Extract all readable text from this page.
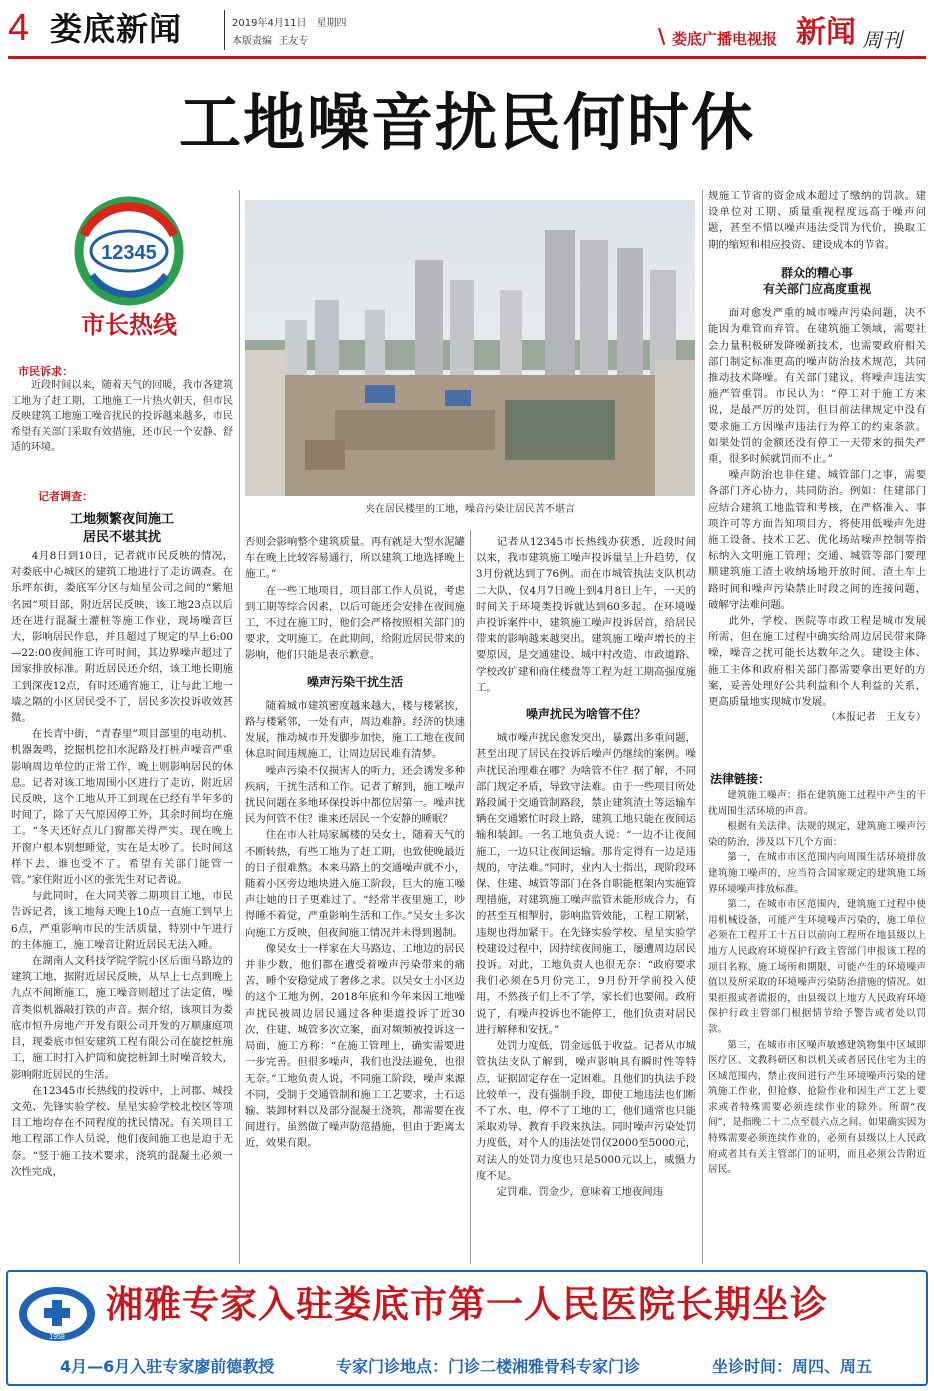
4 娄底新闻	2019年4月11日　星期四
本版责编  王友专	\ 娄底广播电视报 新闻 周刊
工地噪音扰民何时休
12345
市长热线
市民诉求：
近段时间以来，随着天气的回暖，我市各建筑工地为了赶工期，工地施工一片热火朝天，但市民反映建筑工地施工噪音扰民的投诉越来越多，市民希望有关部门采取有效措施，还市民一个安静、舒适的环境。
记者调查：
工地频繁夜间施工
居民不堪其扰

4月8日到10日，记者就市民反映的情况，对娄底中心城区的建筑工地进行了走访调查。在乐坪东街，娄底军分区与灿星公司之间的“紫旭名园”项目部，附近居民反映，该工地23点以后还在进行混凝土灌桩等施工作业，现场噪音巨大，影响居民作息，并且超过了规定的早上6:00—22:00夜间施工许可时间，其边界噪声超过了国家排放标准。附近居民还介绍，该工地长期施工到深夜12点，有时还通宵施工，让与此工地一墙之隔的小区居民受不了，居民多次投诉收效甚微。

在长青中街，“青春里”项目部里的电动机、机器轰鸣，挖掘机挖扣水泥路及打桩声噪音严重影响周边单位的正常工作，晚上则影响居民的休息。记者对该工地周围小区进行了走访，附近居民反映，这个工地从开工到现在已经有半年多的时间了，除了天气原因停工外，其余时间均在施工。“冬天还好点儿门窗都关得严实。现在晚上开窗户根本别想睡觉，实在是太吵了。长时间这样下去，谁也受不了。希望有关部门能管一管。”家住附近小区的张先生对记者说。

与此同时，在大同芙蓉二期项目工地，市民告诉记者，该工地每天晚上10点一直施工到早上6点，严重影响市民的生活质量，特别中午进行的主体施工，施工噪音让附近居民无法入睡。

在湖南人文科技学院学院小区后面马路边的建筑工地，据附近居民反映，从早上七点到晚上九点不间断施工，施工噪音则超过了法定值，噪音类似机器敲打铁的声音。据介绍，该项目为娄底市恒升房地产开发有限公司开发的万顺康庭项目，现娄底市恒安建筑工程有限公司在旋挖桩施工，施工时打入护筒和旋挖桩卸土时噪音较大，影响附近居民的生活。

在12345市长热线的投诉中，上河郡、城投文苑、先锋实验学校、星星实验学校北校区等项目工地均存在不同程度的扰民情况。有关项目工地工程部工作人员说，他们夜间施工也是迫于无奈。“竖于施工技术要求，浇筑的混凝土必须一次性完成，

夹在居民楼里的工地，噪音污染让居民苦不堪言

否则会影响整个建筑质量。再有就是大型水泥罐车在晚上比较容易通行，所以建筑工地选择晚上施工。”

在一些工地项目，项目部工作人员说，考虑到工期等综合因素，以后可能还会安排在夜间施工，不过在施工时，他们会严格按照相关部门的要求，文明施工。在此期间，给附近居民带来的影响，他们只能是表示歉意。

噪声污染干扰生活

随着城市建筑密度越来越大，楼与楼紧挨，路与楼紧邻，一处有声，周边难静。经济的快速发展，推动城市开发脚步加快，施工工地在夜间休息时间违规施工，让周边居民难有清梦。

噪声污染不仅损害人的听力，还会诱发多种疾病，干扰生活和工作。记者了解到，施工噪声扰民问题在多地环保投诉中都位居第一。噪声扰民为何管不住？谁来还居民一个安静的睡眠？

住在市人社局家属楼的吴女士，随着天气的不断转热，有些工地为了赶工期，也致使晚最近的日子很难熬。本来马路上的交通噪声就不小，随着小区旁边地块进入施工阶段，巨大的施工噪声让她的日子更难过了。“经常半夜里施工，吵得睡不着觉，严重影响生活和工作。”吴女士多次向施工方反映，但夜间施工情况并未得到遏制。

像吴女士一样家在大马路边、工地边的居民并非少数，他们都在遭受着噪声污染带来的痛苦，睡个安稳觉成了奢侈之求。以吴女士小区边的这个工地为例，2018年底和今年来因工地噪声扰民被周边居民通过各种渠道投诉了近30次，住建、城管多次立案，面对频频被投诉这一局面，施工方称：“在施工管理上，确实需要进一步完善。但很多噪声，我们也没法避免，也很无奈。”工地负责人说，不同施工阶段，噪声来源不同，受制于交通管制和施工工艺要求，土石运输、装卸材料以及部分混凝土浇筑，都需要在夜间进行。虽然做了噪声防范措施，但由于距离太近，效果有限。

记者从12345市长热线办获悉，近段时间以来，我市建筑施工噪声投诉量呈上升趋势，仅3月份就达到了76例。而在市城管执法支队机动二大队，仅4月7日晚上到4月8日上午，一天的时间关于环境类投诉就达到60多起。在环境噪声投诉案件中，建筑施工噪声投诉居首，给居民带来的影响越来越突出。建筑施工噪声增长的主要原因，是交通建设、城中村改造、市政道路、学校改扩建和商住楼盘等工程为赶工期高强度施工。

噪声扰民为啥管不住？

城市噪声扰民愈发突出，暴露出多重问题，甚至出现了居民在投诉后噪声仍继续的案例。噪声扰民治理难在哪？为啥管不住？据了解，不同部门规定矛盾，导致守法难。由于一些项目所处路段属于交通管制路段，禁止建筑渣土等运输车辆在交通繁忙时段上路，建筑工地只能在夜间运输和装卸。一名工地负责人说：“一边不让夜间施工，一边只让夜间运输。那肯定得有一边是违规的，守法难。”同时，业内人士指出，现阶段环保、住建、城管等部门在各自职能框架内实施管理措施，对建筑施工噪声监管未能形成合力，有的甚至互相掣肘，影响监管效能，工程工期紧，违规也得加紧干。在先锋实验学校、星星实验学校建设过程中，因持续夜间施工，屡遭周边居民投诉。对此，工地负责人也很无奈：“政府要求我们必须在5月份完工，9月份开学前投入使用，不然孩子们上不了学，家长们也要闹。政府说了，有噪声投诉也不能停工，他们负责对居民进行解释和安抚。”

处罚力度低，罚金远低于收益。记者从市城管执法支队了解到，噪声影响具有瞬时性等特点，证据固定存在一定困难。且他们的执法手段比较单一，没有强制手段，即使工地违法也们断不了水、电，停不了工地的工，他们通常也只能采取劝导、教育手段来执法。同时噪声污染处罚力度低，对个人的违法处罚仅2000至5000元，对法人的处罚力度也只是5000元以上，威慑力度不足。

定罚难、罚金少，意味着工地夜间违

规施工节省的资金成本超过了缴纳的罚款。建设单位对工期、质量重视程度远高于噪声问题，甚至不惜以噪声违法受罚为代价，换取工期的缩短和相应投资、建设成本的节省。

群众的糟心事
有关部门应高度重视

面对愈发严重的城市噪声污染问题，决不能因为难管而弃管。在建筑施工领域，需要社会力量积极研发降噪新技术，也需要政府相关部门制定标准更高的噪声防治技术规范，共同推动技术降噪。有关部门建议，将噪声违法实施严管重罚。市民认为：“停工对于施工方来说，是最严厉的处罚，但目前法律规定中没有要求施工方因噪声违法行为停工的约束条款。如果处罚的金额还没有停工一天带来的损失严重，很多时候就罚而不止。”

噪声防治也非住建、城管部门之事，需要各部门齐心协力，共同防治。例如：住建部门应结合建筑工地监管和考核，在严格准入、事项许可等方面告知项目方，将使用低噪声先进施工设备、技术工艺、优化场站噪声控制等指标纳入文明施工管理；交通、城管等部门要理顺建筑施工渣土收纳场地开放时间、渣土车上路时间和噪声污染禁止时段之间的连接问题，破解守法难问题。

此外，学校、医院等市政工程是城市发展所需，但在施工过程中确实给周边居民带来降噪，噪音之扰可能长达数年之久。建设主体、施工主体和政府相关部门都需要拿出更好的方案，妥善处理好公共利益和个人利益的关系，更高质量地实现城市发展。

（本报记者　王友专）
法律链接：

建筑施工噪声：指在建筑施工过程中产生的干扰周围生活环境的声音。

根据有关法律、法规的规定，建筑施工噪声污染的防治，涉及以下几个方面：

第一，在城市市区范围内向周围生活环境排放建筑施工噪声的，应当符合国家规定的建筑施工场界环境噪声排放标准。

第二，在城市市区范围内，建筑施工过程中使用机械设备，可能产生环境噪声污染的，施工单位必须在工程开工十五日以前向工程所在地县级以上地方人民政府环境保护行政主管部门申报该工程的项目名称、施工场所和期限、可能产生的环境噪声值以及所采取的环境噪声污染防治措施的情况。如果拒报或者谎报的，由县级以上地方人民政府环境保护行政主管部门根据情节给予警告或者处以罚款。

第三，在城市市区噪声敏感建筑物集中区域即医疗区、文教科研区和以机关或者居民住宅为主的区域范围内，禁止夜间进行产生环境噪声污染的建筑施工作业，但抢修、抢险作业和因生产工艺上要求或者特殊需要必须连续作业的除外。所谓“夜间”，是指晚二十二点至晨六点之间。如果确实因为特殊需要必须连续作业的，必须有县级以上人民政府或者其有关主管部门的证明，而且必须公告附近居民。

1958
湘雅专家入驻娄底市第一人民医院长期坐诊
4月—6月入驻专家廖前德教授	专家门诊地点：门诊二楼湘雅骨科专家门诊	坐诊时间：周四、周五
